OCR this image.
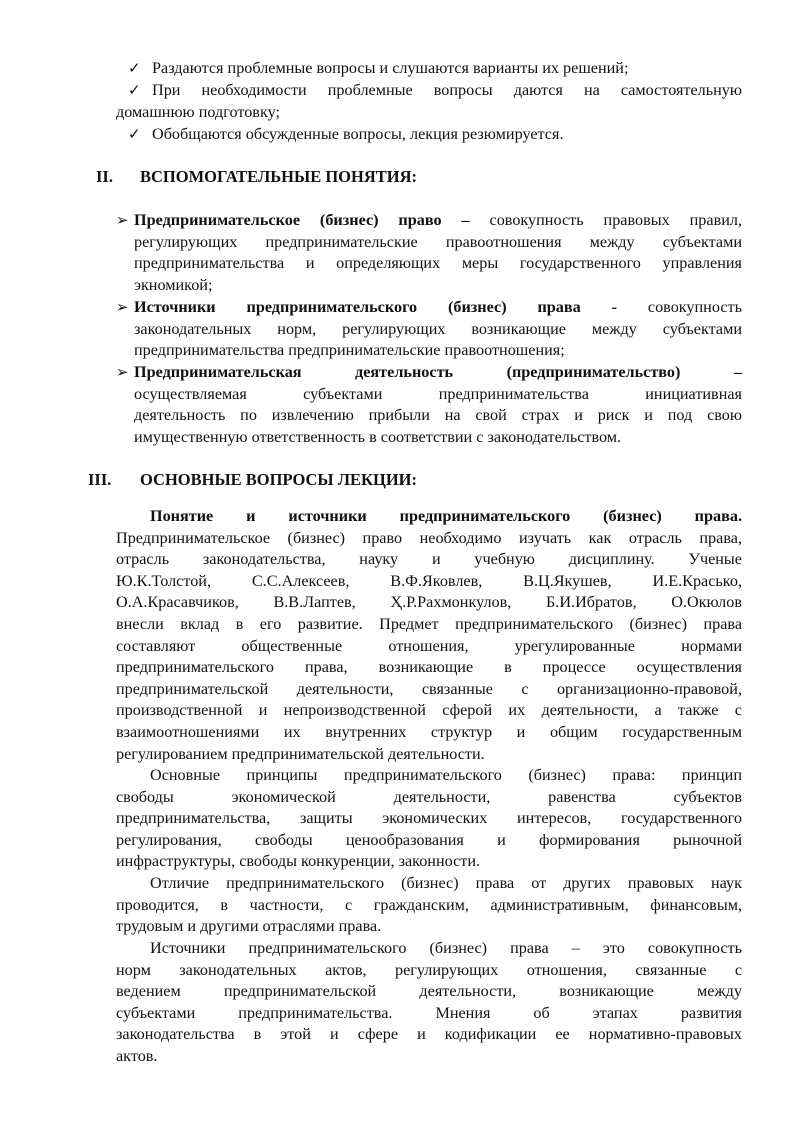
✓ Раздаются проблемные вопросы и слушаются варианты их решений;
✓ При необходимости проблемные вопросы даются на самостоятельную
домашнюю подготовку;
✓ Обобщаются обсужденные вопросы, лекция резюмируется.
II. ВСПОМОГАТЕЛЬНЫЕ ПОНЯТИЯ:
➢ Предпринимательское (бизнес) право – совокупность правовых правил,
регулирующих предпринимательские правоотношения между субъектами
предпринимательства и определяющих меры государственного управления
экномикой;
➢ Источники предпринимательского (бизнес) права - совокупность
законодательных норм, регулирующих возникающие между субъектами
предпринимательства предпринимательские правоотношения;
➢ Предпринимательская деятельность (предпринимательство) –
осуществляемая субъектами предпринимательства инициативная
деятельность по извлечению прибыли на свой страх и риск и под свою
имущественную ответственность в соответствии с законодательством.
III. ОСНОВНЫЕ ВОПРОСЫ ЛЕКЦИИ:
Понятие и источники предпринимательского (бизнес) права.
Предпринимательское (бизнес) право необходимо изучать как отрасль права,
отрасль законодательства, науку и учебную дисциплину. Ученые
Ю.К.Толстой, С.С.Алексеев, В.Ф.Яковлев, В.Ц.Якушев, И.Е.Красько,
О.А.Красавчиков, В.В.Лаптев, Ҳ.Р.Рахмонкулов, Б.И.Ибратов, О.Окюлов
внесли вклад в его развитие. Предмет предпринимательского (бизнес) права
составляют общественные отношения, урегулированные нормами
предпринимательского права, возникающие в процессе осуществления
предпринимательской деятельности, связанные с организационно-правовой,
производственной и непроизводственной сферой их деятельности, а также с
взаимоотношениями их внутренних структур и общим государственным
регулированием предпринимательской деятельности.
Основные принципы предпринимательского (бизнес) права: принцип
свободы экономической деятельности, равенства субъектов
предпринимательства, защиты экономических интересов, государственного
регулирования, свободы ценообразования и формирования рыночной
инфраструктуры, свободы конкуренции, законности.
Отличие предпринимательского (бизнес) права от других правовых наук
проводится, в частности, с гражданским, административным, финансовым,
трудовым и другими отраслями права.
Источники предпринимательского (бизнес) права – это совокупность
норм законодательных актов, регулирующих отношения, связанные с
ведением предпринимательской деятельности, возникающие между
субъектами предпринимательства. Мнения об этапах развития
законодательства в этой и сфере и кодификации ее нормативно-правовых
актов.
